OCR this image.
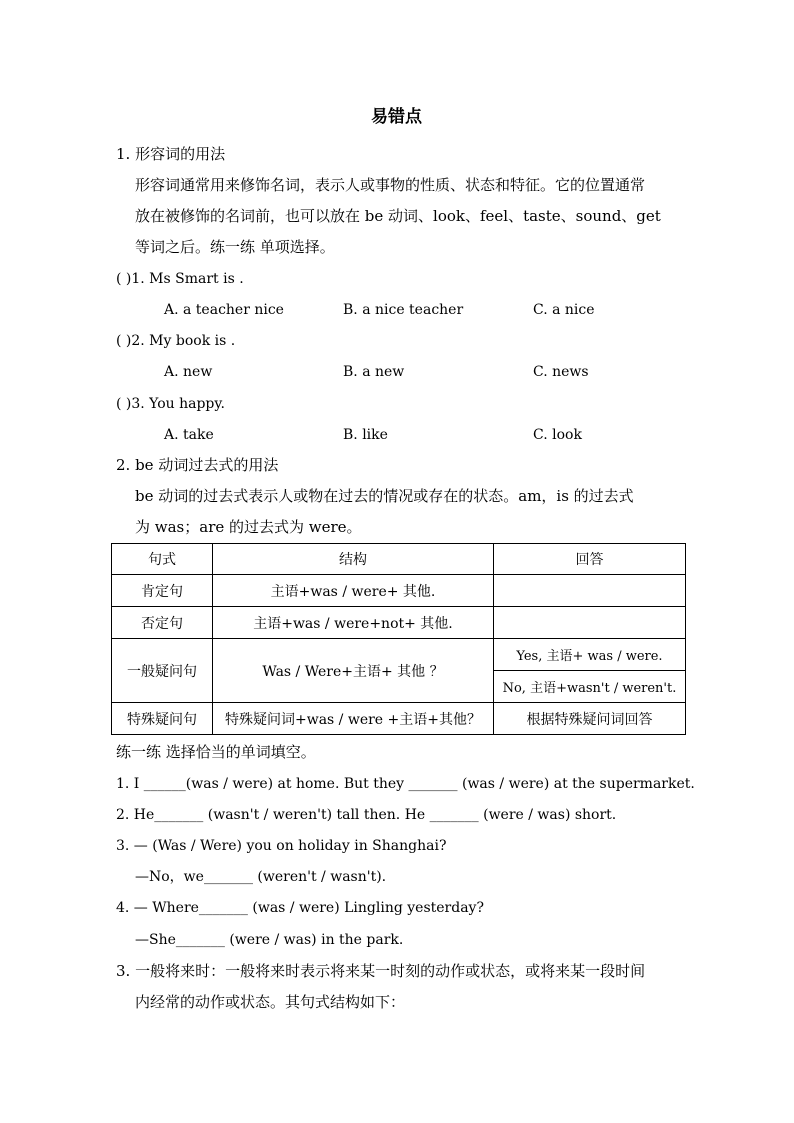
易错点
1. 形容词的用法
形容词通常用来修饰名词，表示人或事物的性质、状态和特征。它的位置通常
放在被修饰的名词前，也可以放在 be 动词、look、feel、taste、sound、get
等词之后。练一练 单项选择。
( )1. Ms Smart is .
A. a teacher nice	B. a nice teacher	C. a nice
( )2. My book is .
A. new	B. a new	C. news
( )3. You happy.
A. take	B. like	C. look
2. be 动词过去式的用法
be 动词的过去式表示人或物在过去的情况或存在的状态。am，is 的过去式
为 was；are 的过去式为 were。
句式	结构	回答
肯定句	主语+was / were+ 其他.	
否定句	主语+was / were+not+ 其他.	
一般疑问句	Was / Were+主语+ 其他 ？	Yes, 主语+ was / were.
		No, 主语+wasn't / weren't.
特殊疑问句	特殊疑问词+was / were +主语+其他？	根据特殊疑问词回答
练一练 选择恰当的单词填空。
1. I ______(was / were) at home. But they _______ (was / were) at the supermarket.
2. He_______ (wasn't / weren't) tall then. He _______ (were / was) short.
3. — (Was / Were) you on holiday in Shanghai?
—No，we_______ (weren't / wasn't).
4. — Where_______ (was / were) Lingling yesterday?
—She_______ (were / was) in the park.
3. 一般将来时：一般将来时表示将来某一时刻的动作或状态，或将来某一段时间
内经常的动作或状态。其句式结构如下：
